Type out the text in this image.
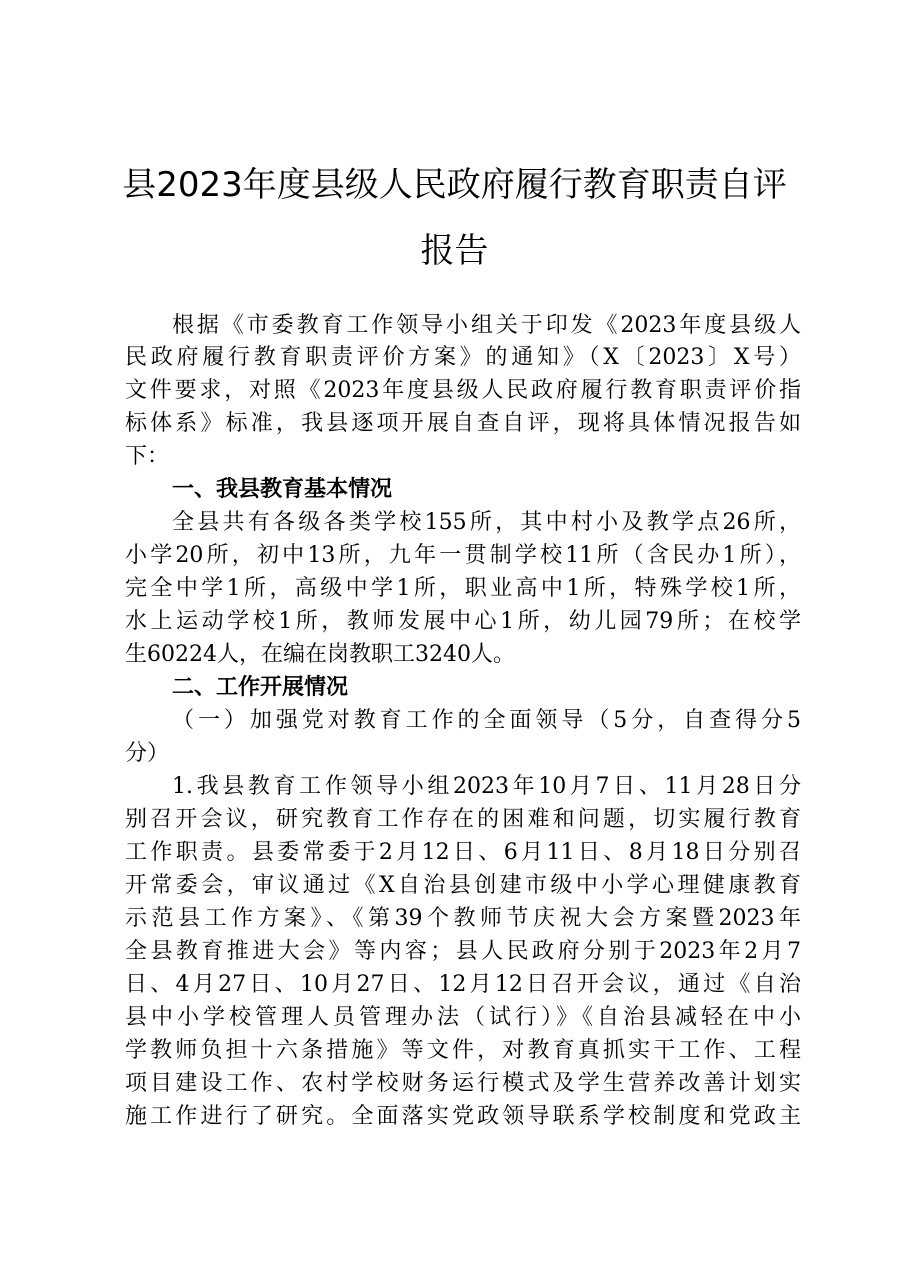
县2023年度县级人民政府履行教育职责自评
报告
根据《市委教育工作领导小组关于印发《2023年度县级人
民政府履行教育职责评价方案》的通知》（X〔2023〕X号）
文件要求，对照《2023年度县级人民政府履行教育职责评价指
标体系》标准，我县逐项开展自查自评，现将具体情况报告如
下：
一、我县教育基本情况
全县共有各级各类学校155所，其中村小及教学点26所，
小学20所，初中13所，九年一贯制学校11所（含民办1所），
完全中学1所，高级中学1所，职业高中1所，特殊学校1所，
水上运动学校1所，教师发展中心1所，幼儿园79所；在校学
生60224人，在编在岗教职工3240人。
二、工作开展情况
（一）加强党对教育工作的全面领导（5分，自查得分5
分）
1.我县教育工作领导小组2023年10月7日、11月28日分
别召开会议，研究教育工作存在的困难和问题，切实履行教育
工作职责。县委常委于2月12日、6月11日、8月18日分别召
开常委会，审议通过《X自治县创建市级中小学心理健康教育
示范县工作方案》、《第39个教师节庆祝大会方案暨2023年
全县教育推进大会》等内容；县人民政府分别于2023年2月7
日、4月27日、10月27日、12月12日召开会议，通过《自治
县中小学校管理人员管理办法（试行）》《自治县减轻在中小
学教师负担十六条措施》等文件，对教育真抓实干工作、工程
项目建设工作、农村学校财务运行模式及学生营养改善计划实
施工作进行了研究。全面落实党政领导联系学校制度和党政主
